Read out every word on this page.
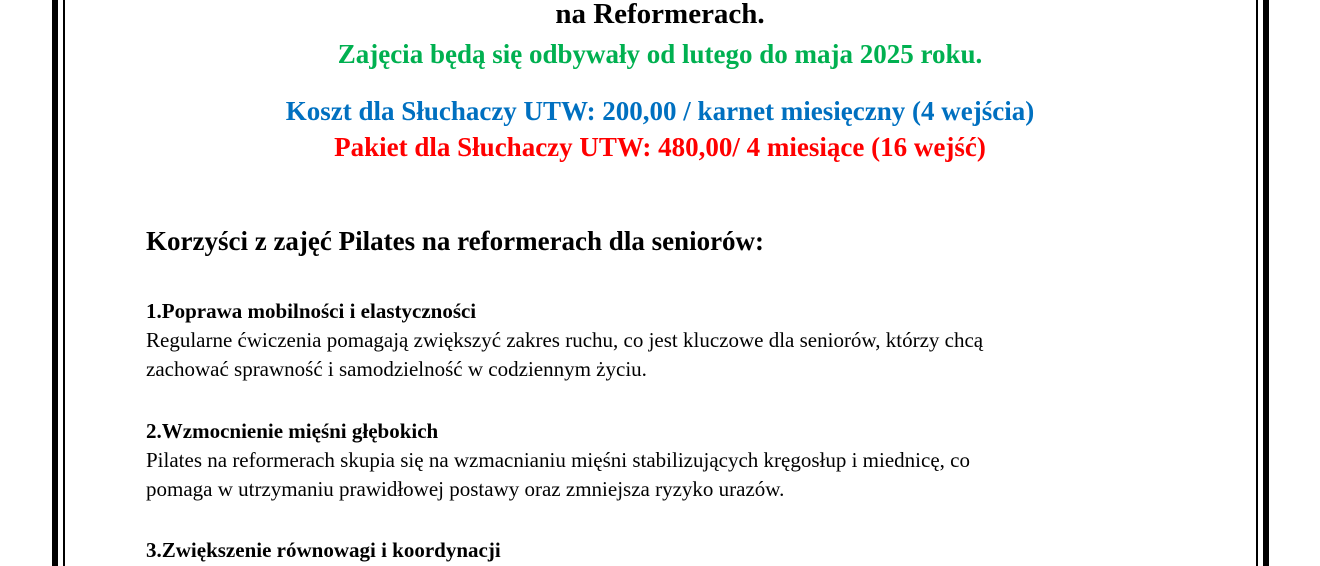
na Reformerach.
Zajęcia będą się odbywały od lutego do maja 2025 roku.
Koszt dla Słuchaczy UTW: 200,00 / karnet miesięczny (4 wejścia)
Pakiet dla Słuchaczy UTW: 480,00/ 4 miesiące (16 wejść)
Korzyści z zajęć Pilates na reformerach dla seniorów:
1.Poprawa mobilności i elastyczności
Regularne ćwiczenia pomagają zwiększyć zakres ruchu, co jest kluczowe dla seniorów, którzy chcą
zachować sprawność i samodzielność w codziennym życiu.
2.Wzmocnienie mięśni głębokich
Pilates na reformerach skupia się na wzmacnianiu mięśni stabilizujących kręgosłup i miednicę, co
pomaga w utrzymaniu prawidłowej postawy oraz zmniejsza ryzyko urazów.
3.Zwiększenie równowagi i koordynacji
